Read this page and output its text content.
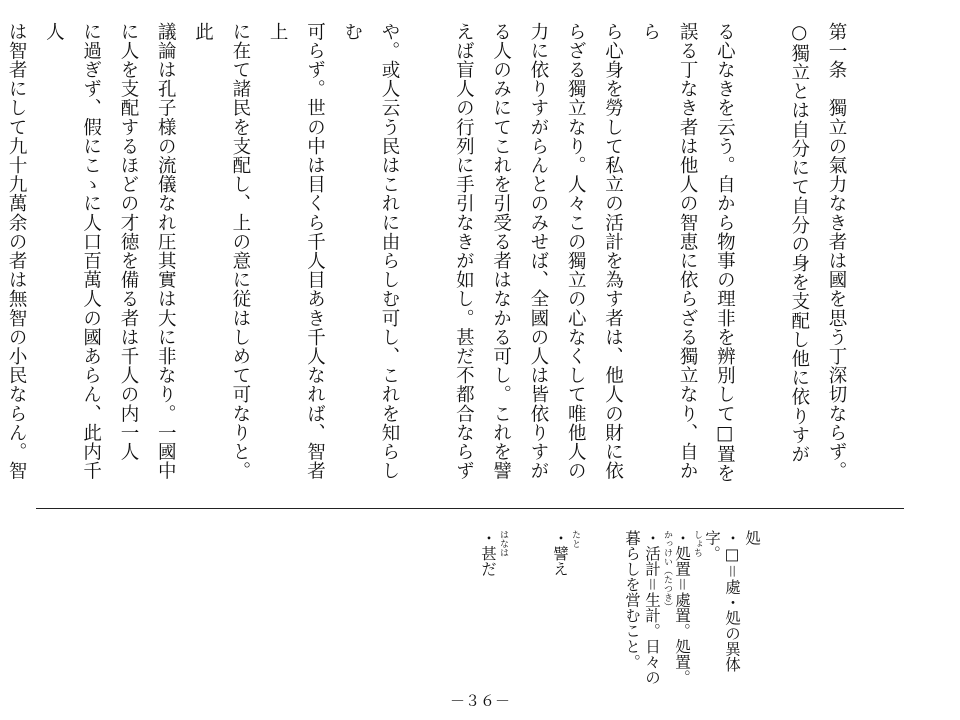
第一条　獨立の氣力なき者は國を思う丁深切ならず。

○獨立とは自分にて自分の身を支配し他に依りすが

る心なきを云う。自から物事の理非を辨別して□置を

誤る丁なき者は他人の智恵に依らざる獨立なり、自から

ら心身を勞して私立の活計を為す者は、他人の財に依

らざる獨立なり。人々この獨立の心なくして唯他人の

力に依りすがらんとのみせば、全國の人は皆依りすが

る人のみにてこれを引受る者はなかる可し。これを譬

えば盲人の行列に手引なきが如し。甚だ不都合ならず

や。或人云う民はこれに由らしむ可し、これを知らしむ

可らず。世の中は目くら千人目あき千人なれば、智者上

に在て諸民を支配し、上の意に従はしめて可なりと。此

議論は孔子様の流儀なれ圧其實は大に非なり。一國中

に人を支配するほどの才徳を備る者は千人の内一人

に過ぎず、假にこゝに人口百萬人の國あらん、此内千人

は智者にして九十九萬余の者は無智の小民ならん。智

処
・□＝處・処の異体字。
しょち
・処置＝處置。処置。
かっけい（たつき）
・活計＝生計。日々の
暮らしを営むこと。
たと
・譬え
はなは
・甚だ
－３６－
